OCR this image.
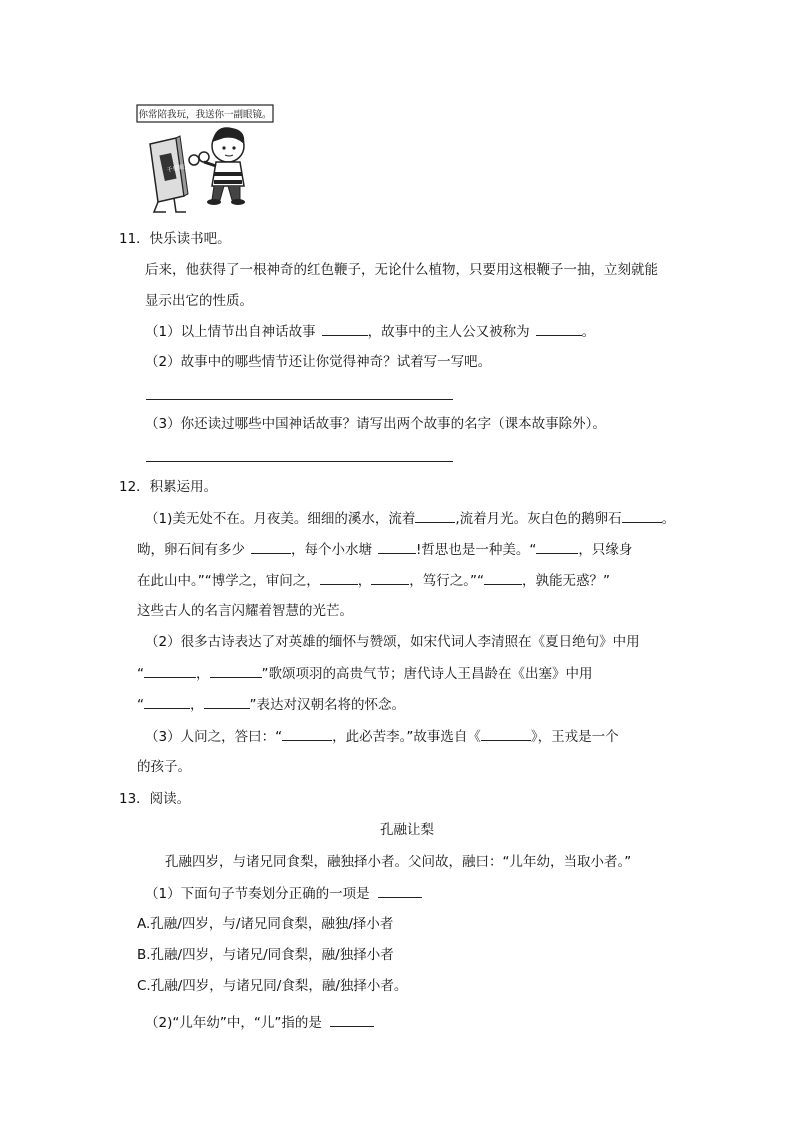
你常陪我玩，我送你一副眼镜。
千里眼
11．快乐读书吧。
后来，他获得了一根神奇的红色鞭子，无论什么植物，只要用这根鞭子一抽，立刻就能
显示出它的性质。
（1）以上情节出自神话故事	，故事中的主人公又被称为	。
（2）故事中的哪些情节还让你觉得神奇？试着写一写吧。
（3）你还读过哪些中国神话故事？请写出两个故事的名字（课本故事除外）。
12．积累运用。
（1)美无处不在。月夜美。细细的溪水，流着	,流着月光。灰白色的鹅卵石	。
呦，卵石间有多少	，每个小水塘	!哲思也是一种美。“	，只缘身
在此山中。”“博学之，审问之，	，	，笃行之。”“	，孰能无惑？”
这些古人的名言闪耀着智慧的光芒。
（2）很多古诗表达了对英雄的缅怀与赞颂，如宋代词人李清照在《夏日绝句》中用
“	，	”歌颂项羽的高贵气节；唐代诗人王昌龄在《出塞》中用
“	，	”表达对汉朝名将的怀念。
（3）人问之，答曰：“	，此必苦李。”故事选自《	》，王戎是一个
的孩子。
13．阅读。
孔融让梨
孔融四岁，与诸兄同食梨，融独择小者。父问故，融曰：“儿年幼，当取小者。”
（1）下面句子节奏划分正确的一项是
A.孔融/四岁，与/诸兄同食梨，融独/择小者
B.孔融/四岁，与诸兄/同食梨，融/独择小者
C.孔融/四岁，与诸兄同/食梨，融/独择小者。
（2)“儿年幼”中，“儿”指的是
